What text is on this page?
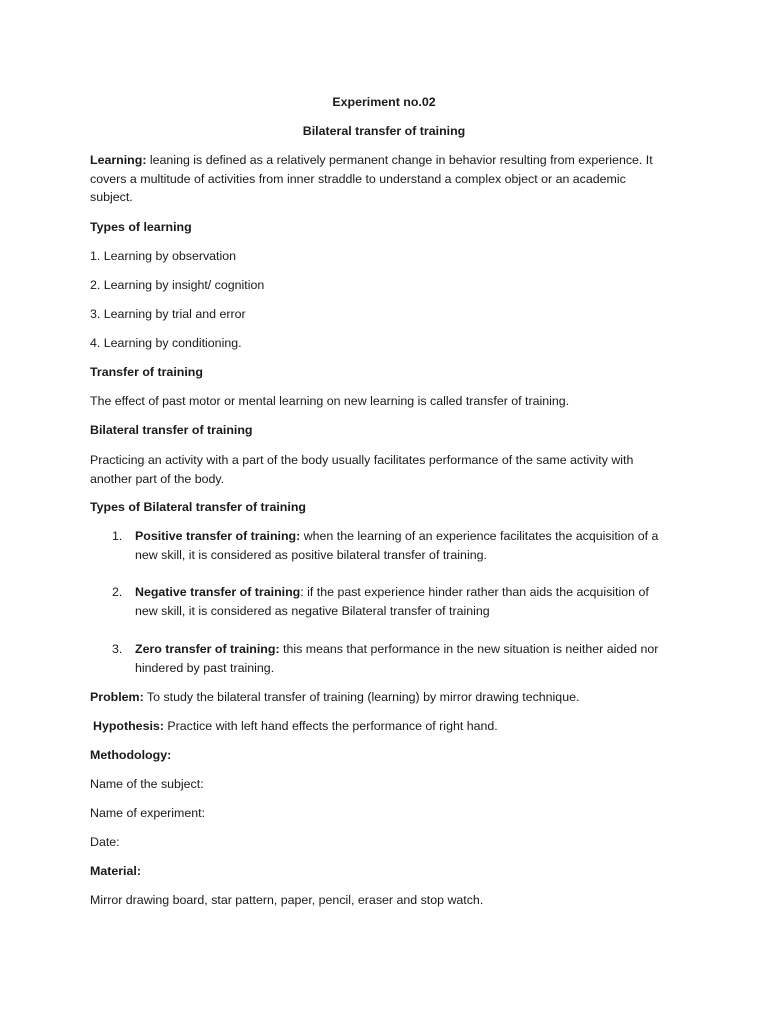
Experiment no.02
Bilateral transfer of training
Learning: leaning is defined as a relatively permanent change in behavior resulting from experience. It
covers a multitude of activities from inner straddle to understand a complex object or an academic
subject.
Types of learning
1. Learning by observation
2. Learning by insight/ cognition
3. Learning by trial and error
4. Learning by conditioning.
Transfer of training
The effect of past motor or mental learning on new learning is called transfer of training.
Bilateral transfer of training
Practicing an activity with a part of the body usually facilitates performance of the same activity with
another part of the body.
Types of Bilateral transfer of training
1.	Positive transfer of training: when the learning of an experience facilitates the acquisition of a
new skill, it is considered as positive bilateral transfer of training.
2.	Negative transfer of training: if the past experience hinder rather than aids the acquisition of
new skill, it is considered as negative Bilateral transfer of training
3.	Zero transfer of training: this means that performance in the new situation is neither aided nor
hindered by past training.
Problem: To study the bilateral transfer of training (learning) by mirror drawing technique.
Hypothesis: Practice with left hand effects the performance of right hand.
Methodology:
Name of the subject:
Name of experiment:
Date:
Material:
Mirror drawing board, star pattern, paper, pencil, eraser and stop watch.
